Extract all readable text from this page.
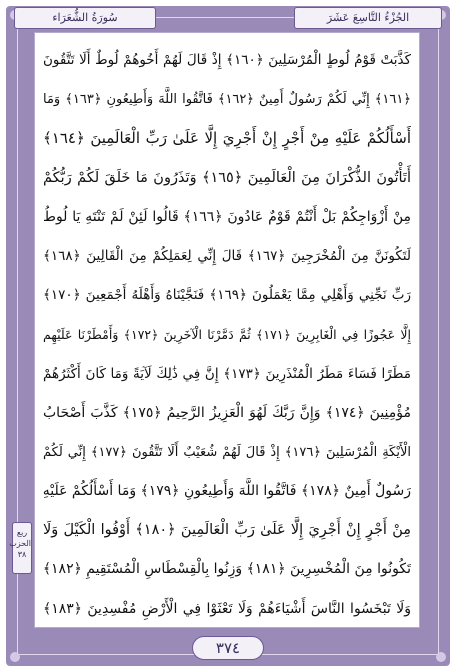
سُورَةُ الشُّعَرَاء	الجُزْءُ التَّاسِعَ عَشَرَ
كَذَّبَتْ قَوْمُ لُوطٍ الْمُرْسَلِينَ ﴿١٦٠﴾ إِذْ قَالَ لَهُمْ أَخُوهُمْ لُوطٌ أَلَا تَتَّقُونَ
﴿١٦١﴾ إِنِّي لَكُمْ رَسُولٌ أَمِينٌ ﴿١٦٢﴾ فَاتَّقُوا اللَّهَ وَأَطِيعُونِ ﴿١٦٣﴾ وَمَا
أَسْأَلُكُمْ عَلَيْهِ مِنْ أَجْرٍ إِنْ أَجْرِيَ إِلَّا عَلَىٰ رَبِّ الْعَالَمِينَ ﴿١٦٤﴾
أَتَأْتُونَ الذُّكْرَانَ مِنَ الْعَالَمِينَ ﴿١٦٥﴾ وَتَذَرُونَ مَا خَلَقَ لَكُمْ رَبُّكُمْ
مِنْ أَزْوَاجِكُمْ بَلْ أَنْتُمْ قَوْمٌ عَادُونَ ﴿١٦٦﴾ قَالُوا لَئِنْ لَمْ تَنْتَهِ يَا لُوطُ
لَتَكُونَنَّ مِنَ الْمُخْرَجِينَ ﴿١٦٧﴾ قَالَ إِنِّي لِعَمَلِكُمْ مِنَ الْقَالِينَ ﴿١٦٨﴾
رَبِّ نَجِّنِي وَأَهْلِي مِمَّا يَعْمَلُونَ ﴿١٦٩﴾ فَنَجَّيْنَاهُ وَأَهْلَهُ أَجْمَعِينَ ﴿١٧٠﴾
إِلَّا عَجُوزًا فِي الْغَابِرِينَ ﴿١٧١﴾ ثُمَّ دَمَّرْنَا الْآخَرِينَ ﴿١٧٢﴾ وَأَمْطَرْنَا عَلَيْهِم
مَطَرًا فَسَاءَ مَطَرُ الْمُنْذَرِينَ ﴿١٧٣﴾ إِنَّ فِي ذَٰلِكَ لَآيَةً وَمَا كَانَ أَكْثَرُهُمْ
مُؤْمِنِينَ ﴿١٧٤﴾ وَإِنَّ رَبَّكَ لَهُوَ الْعَزِيزُ الرَّحِيمُ ﴿١٧٥﴾ كَذَّبَ أَصْحَابُ
الْأَيْكَةِ الْمُرْسَلِينَ ﴿١٧٦﴾ إِذْ قَالَ لَهُمْ شُعَيْبٌ أَلَا تَتَّقُونَ ﴿١٧٧﴾ إِنِّي لَكُمْ
رَسُولٌ أَمِينٌ ﴿١٧٨﴾ فَاتَّقُوا اللَّهَ وَأَطِيعُونِ ﴿١٧٩﴾ وَمَا أَسْأَلُكُمْ عَلَيْهِ
مِنْ أَجْرٍ إِنْ أَجْرِيَ إِلَّا عَلَىٰ رَبِّ الْعَالَمِينَ ﴿١٨٠﴾ أَوْفُوا الْكَيْلَ وَلَا
تَكُونُوا مِنَ الْمُخْسِرِينَ ﴿١٨١﴾ وَزِنُوا بِالْقِسْطَاسِ الْمُسْتَقِيمِ ﴿١٨٢﴾
وَلَا تَبْخَسُوا النَّاسَ أَشْيَاءَهُمْ وَلَا تَعْثَوْا فِي الْأَرْضِ مُفْسِدِينَ ﴿١٨٣﴾
ربع الحزب ٣٨
٣٧٤
